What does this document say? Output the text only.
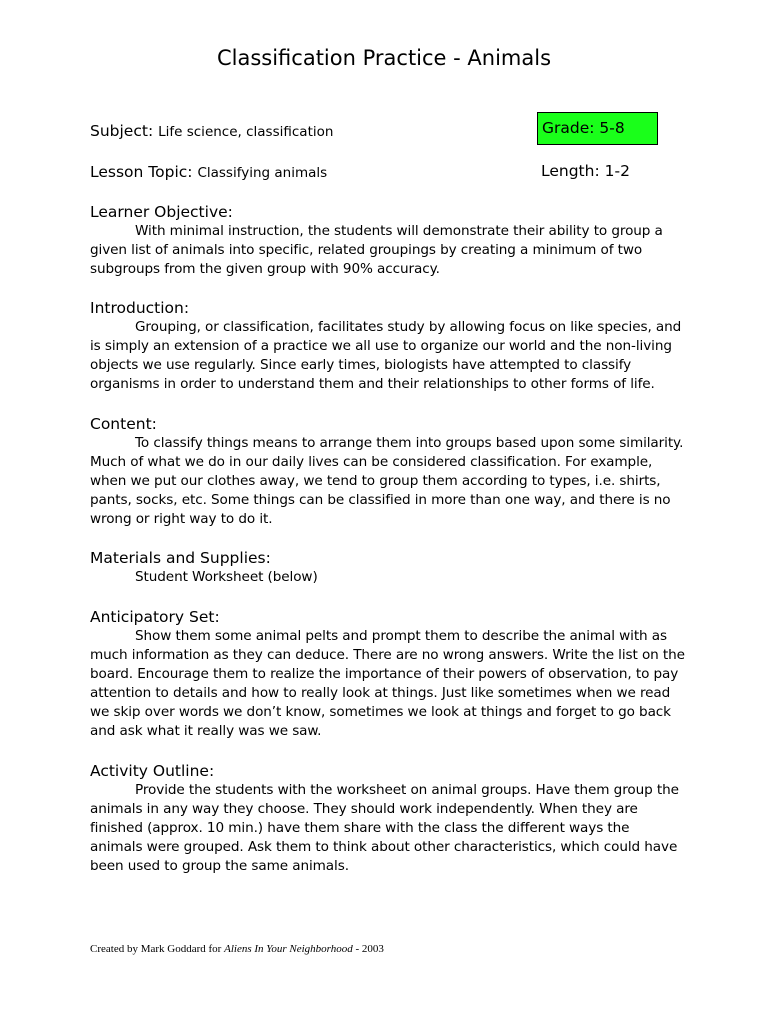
Classification Practice - Animals
Subject: Life science, classification	Grade: 5-8
Lesson Topic: Classifying animals	Length: 1-2
Learner Objective:

With minimal instruction, the students will demonstrate their ability to group a given list of animals into specific, related groupings by creating a minimum of two subgroups from the given group with 90% accuracy.

Introduction:

Grouping, or classification, facilitates study by allowing focus on like species, and is simply an extension of a practice we all use to organize our world and the non-living objects we use regularly. Since early times, biologists have attempted to classify organisms in order to understand them and their relationships to other forms of life.

Content:

To classify things means to arrange them into groups based upon some similarity. Much of what we do in our daily lives can be considered classification. For example, when we put our clothes away, we tend to group them according to types, i.e. shirts, pants, socks, etc. Some things can be classified in more than one way, and there is no wrong or right way to do it.

Materials and Supplies:

Student Worksheet (below)

Anticipatory Set:

Show them some animal pelts and prompt them to describe the animal with as much information as they can deduce. There are no wrong answers. Write the list on the board. Encourage them to realize the importance of their powers of observation, to pay attention to details and how to really look at things. Just like sometimes when we read we skip over words we don’t know, sometimes we look at things and forget to go back and ask what it really was we saw.

Activity Outline:

Provide the students with the worksheet on animal groups. Have them group the animals in any way they choose. They should work independently. When they are finished (approx. 10 min.) have them share with the class the different ways the animals were grouped. Ask them to think about other characteristics, which could have been used to group the same animals.

Created by Mark Goddard for Aliens In Your Neighborhood - 2003
